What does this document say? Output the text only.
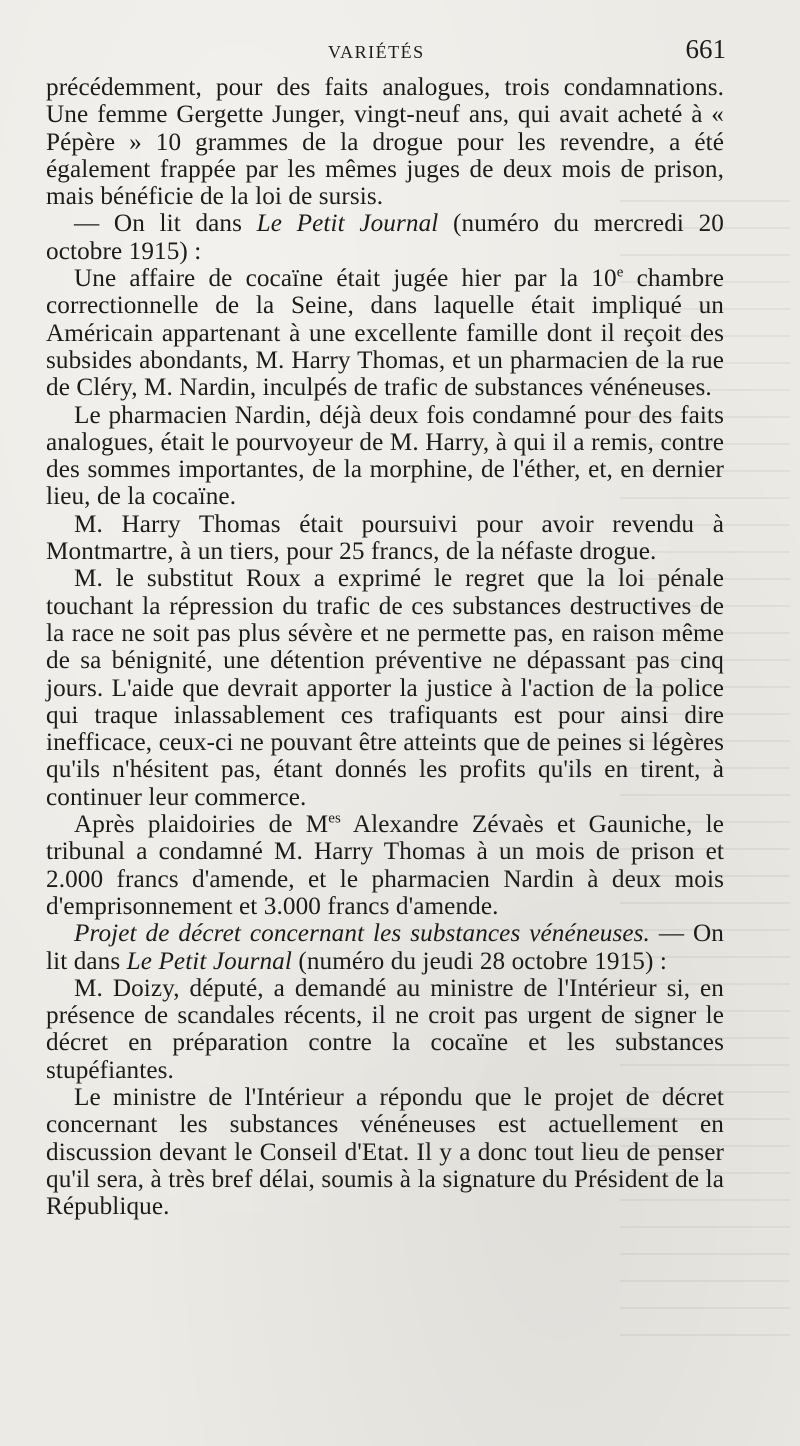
VARIÉTÉS	661

précédemment, pour des faits analogues, trois condamnations. Une femme Gergette Junger, vingt-neuf ans, qui avait acheté à « Pépère » 10 grammes de la drogue pour les revendre, a été également frappée par les mêmes juges de deux mois de prison, mais bénéficie de la loi de sursis.

— On lit dans Le Petit Journal (numéro du mercredi 20 octobre 1915) :

Une affaire de cocaïne était jugée hier par la 10e chambre correctionnelle de la Seine, dans laquelle était impliqué un Américain appartenant à une excellente famille dont il reçoit des subsides abondants, M. Harry Thomas, et un pharmacien de la rue de Cléry, M. Nardin, inculpés de trafic de substances vénéneuses.

Le pharmacien Nardin, déjà deux fois condamné pour des faits analogues, était le pourvoyeur de M. Harry, à qui il a remis, contre des sommes importantes, de la morphine, de l'éther, et, en dernier lieu, de la cocaïne.

M. Harry Thomas était poursuivi pour avoir revendu à Montmartre, à un tiers, pour 25 francs, de la néfaste drogue.

M. le substitut Roux a exprimé le regret que la loi pénale touchant la répression du trafic de ces substances destructives de la race ne soit pas plus sévère et ne permette pas, en raison même de sa bénignité, une détention préventive ne dépassant pas cinq jours. L'aide que devrait apporter la justice à l'action de la police qui traque inlassablement ces trafiquants est pour ainsi dire inefficace, ceux-ci ne pouvant être atteints que de peines si légères qu'ils n'hésitent pas, étant donnés les profits qu'ils en tirent, à continuer leur commerce.

Après plaidoiries de $M^{es}$ Alexandre Zévaès et Gauniche, le tribunal a condamné M. Harry Thomas à un mois de prison et 2.000 francs d'amende, et le pharmacien Nardin à deux mois d'emprisonnement et 3.000 francs d'amende.

Projet de décret concernant les substances vénéneuses. — On lit dans Le Petit Journal (numéro du jeudi 28 octobre 1915) :

M. Doizy, député, a demandé au ministre de l'Intérieur si, en présence de scandales récents, il ne croit pas urgent de signer le décret en préparation contre la cocaïne et les substances stupéfiantes.

Le ministre de l'Intérieur a répondu que le projet de décret concernant les substances vénéneuses est actuellement en discussion devant le Conseil d'Etat. Il y a donc tout lieu de penser qu'il sera, à très bref délai, soumis à la signature du Président de la République.
